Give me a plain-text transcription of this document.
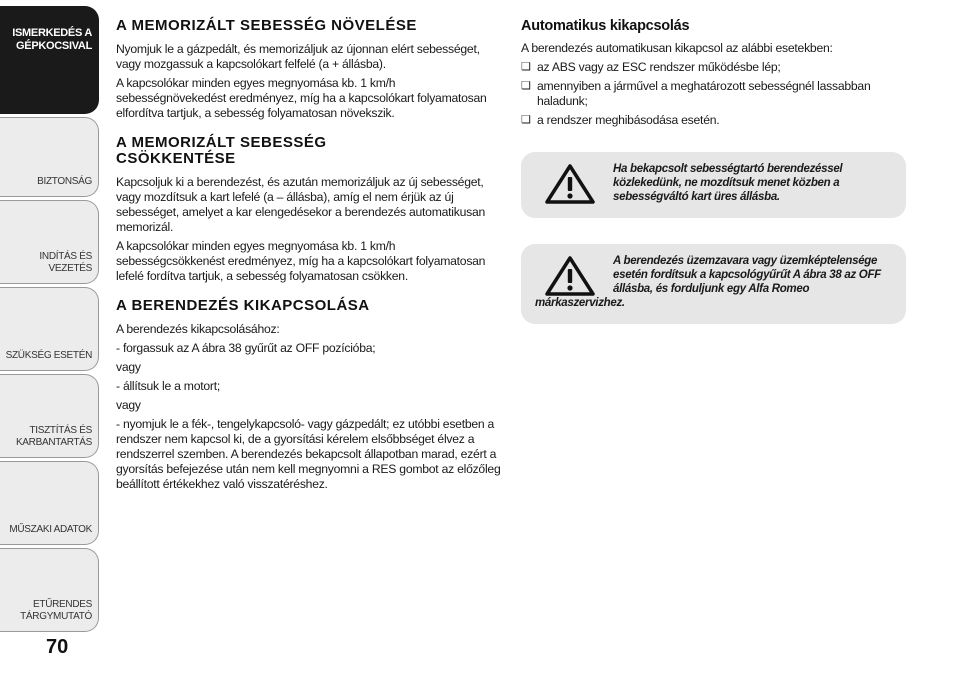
ISMERKEDÉS A
GÉPKOCSIVAL
BIZTONSÁG
INDÍTÁS ÉS VEZETÉS
SZÜKSÉG ESETÉN
TISZTÍTÁS ÉS
KARBANTARTÁS
MŰSZAKI ADATOK
ETŰRENDES
TÁRGYMUTATÓ
70
A MEMORIZÁLT SEBESSÉG NÖVELÉSE

Nyomjuk le a gázpedált, és memorizáljuk az újonnan elért sebességet, vagy mozgassuk a kapcsolókart felfelé (a + állásba).

A kapcsolókar minden egyes megnyomása kb. 1 km/h sebességnövekedést eredményez, míg ha a kapcsolókart folyamatosan elfordítva tartjuk, a sebesség folyamatosan növekszik.

A MEMORIZÁLT SEBESSÉG CSÖKKENTÉSE

Kapcsoljuk ki a berendezést, és azután memorizáljuk az új sebességet, vagy mozdítsuk a kart lefelé (a – állásba), amíg el nem érjük az új sebességet, amelyet a kar elengedésekor a berendezés automatikusan memorizál.

A kapcsolókar minden egyes megnyomása kb. 1 km/h sebességcsökkenést eredményez, míg ha a kapcsolókart folyamatosan lefelé fordítva tartjuk, a sebesség folyamatosan csökken.

A BERENDEZÉS KIKAPCSOLÁSA

A berendezés kikapcsolásához:

- forgassuk az A ábra 38 gyűrűt az OFF pozícióba;

vagy

- állítsuk le a motort;

vagy

- nyomjuk le a fék-, tengelykapcsoló- vagy gázpedált; ez utóbbi esetben a rendszer nem kapcsol ki, de a gyorsítási kérelem elsőbbséget élvez a rendszerrel szemben. A berendezés bekapcsolt állapotban marad, ezért a gyorsítás befejezése után nem kell megnyomni a RES gombot az előzőleg beállított értékekhez való visszatéréshez.

Automatikus kikapcsolás

A berendezés automatikusan kikapcsol az alábbi esetekben:

❏ az ABS vagy az ESC rendszer működésbe lép;
❏ amennyiben a járművel a meghatározott sebességnél lassabban haladunk;
❏ a rendszer meghibásodása esetén.
Ha bekapcsolt sebességtartó berendezéssel közlekedünk, ne mozdítsuk menet közben a sebességváltó kart üres állásba.
A berendezés üzemzavara vagy üzemképtelensége esetén fordítsuk a kapcsológyűrűt A ábra 38 az OFF állásba, és forduljunk egy Alfa Romeo márkaszervizhez.
